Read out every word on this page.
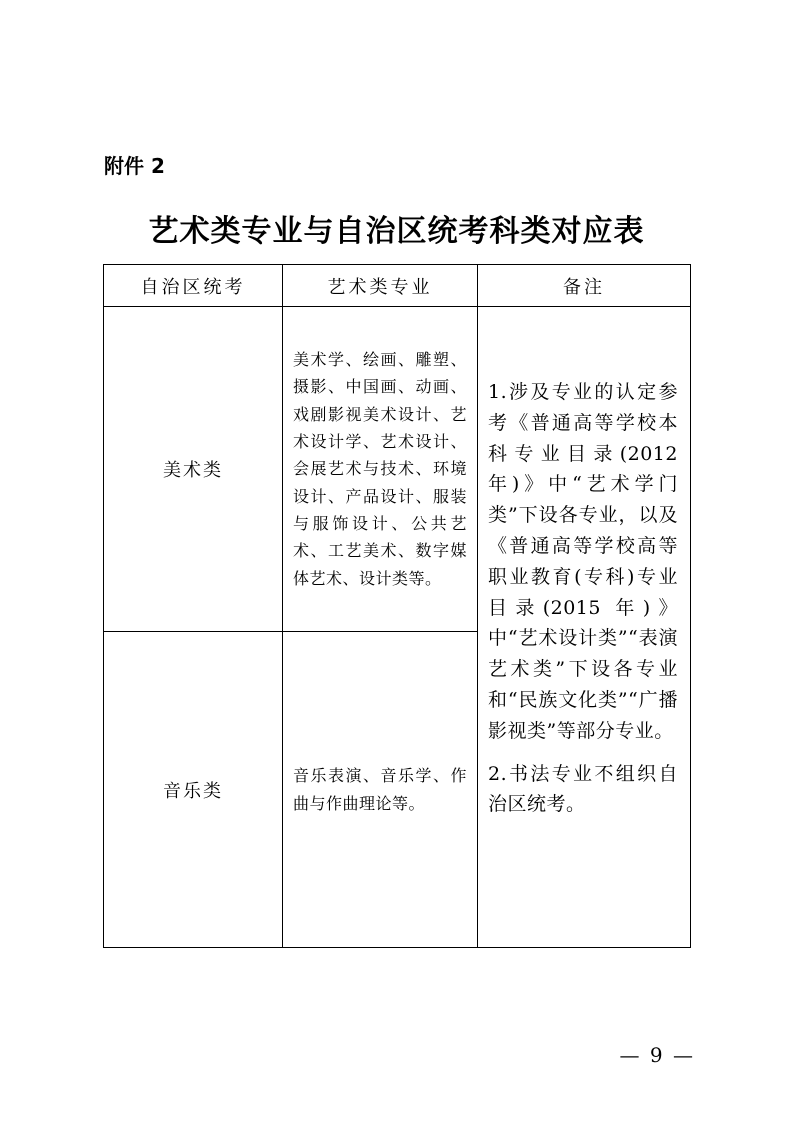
附件 2
艺术类专业与自治区统考科类对应表
自治区统考	艺术类专业	备注
美术类	美术学、绘画、雕塑、摄影、中国画、动画、戏剧影视美术设计、艺术设计学、艺术设计、会展艺术与技术、环境设计、产品设计、服装与服饰设计、公共艺术、工艺美术、数字媒体艺术、设计类等。	1.涉及专业的认定参考《普通高等学校本科专业目录(2012 年)》中“艺术学门类”下设各专业，以及《普通高等学校高等职业教育(专科)专业目录(2015 年)》中“艺术设计类”“表演艺术类”下设各专业和“民族文化类”“广播影视类”等部分专业。

2.书法专业不组织自治区统考。

音乐类	音乐表演、音乐学、作曲与作曲理论等。	
— 9 —
